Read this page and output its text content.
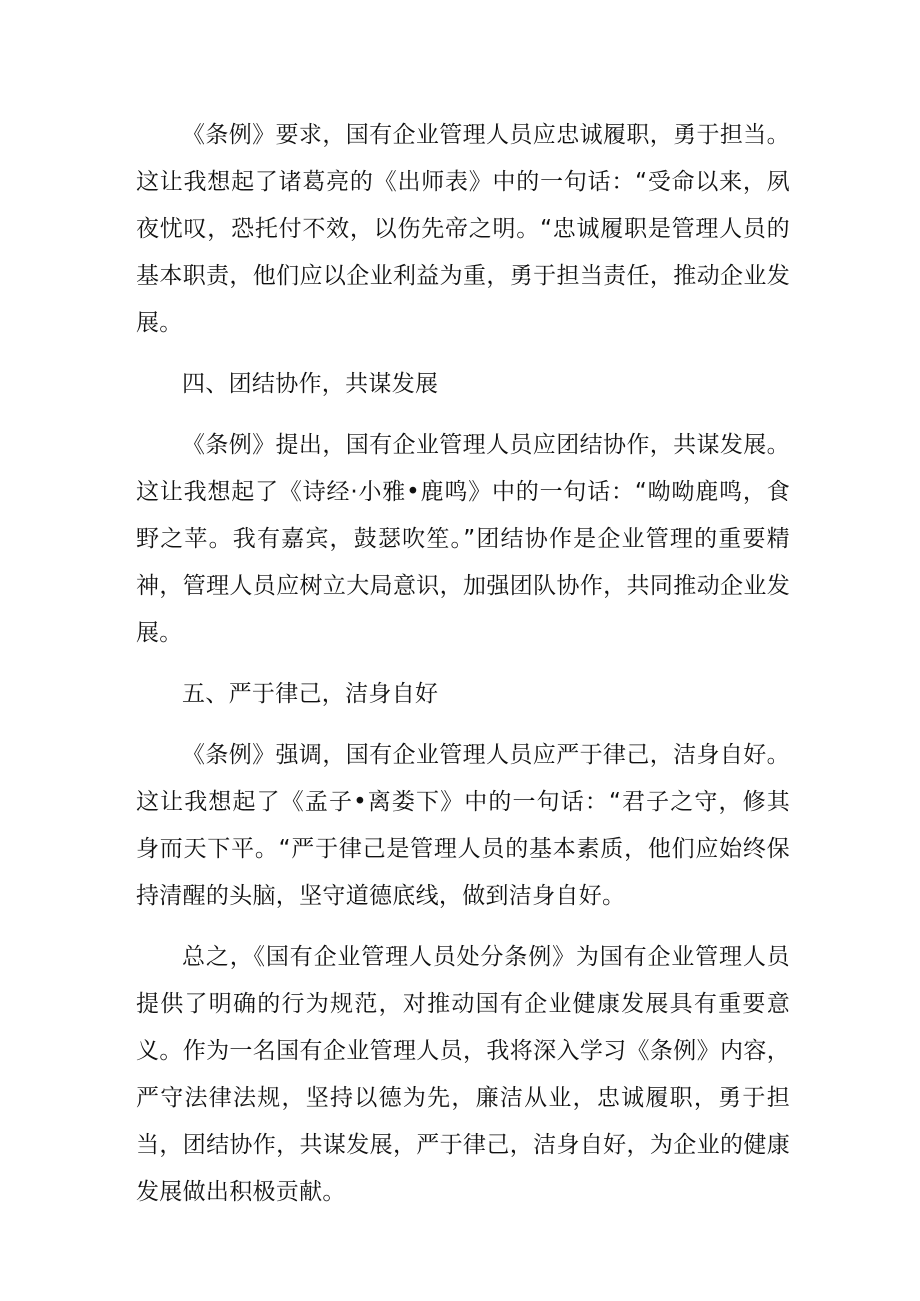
《条例》要求，国有企业管理人员应忠诚履职，勇于担当。这让我想起了诸葛亮的《出师表》中的一句话：“受命以来，夙夜忧叹，恐托付不效，以伤先帝之明。“忠诚履职是管理人员的基本职责，他们应以企业利益为重，勇于担当责任，推动企业发展。

四、团结协作，共谋发展

《条例》提出，国有企业管理人员应团结协作，共谋发展。这让我想起了《诗经·小雅•鹿鸣》中的一句话：“呦呦鹿鸣，食野之苹。我有嘉宾，鼓瑟吹笙。”团结协作是企业管理的重要精神，管理人员应树立大局意识，加强团队协作，共同推动企业发展。

五、严于律己，洁身自好

《条例》强调，国有企业管理人员应严于律己，洁身自好。这让我想起了《孟子•离娄下》中的一句话：“君子之守，修其身而天下平。“严于律己是管理人员的基本素质，他们应始终保持清醒的头脑，坚守道德底线，做到洁身自好。

总之，《国有企业管理人员处分条例》为国有企业管理人员提供了明确的行为规范，对推动国有企业健康发展具有重要意义。作为一名国有企业管理人员，我将深入学习《条例》内容，严守法律法规，坚持以德为先，廉洁从业，忠诚履职，勇于担当，团结协作，共谋发展，严于律己，洁身自好，为企业的健康发展做出积极贡献。
